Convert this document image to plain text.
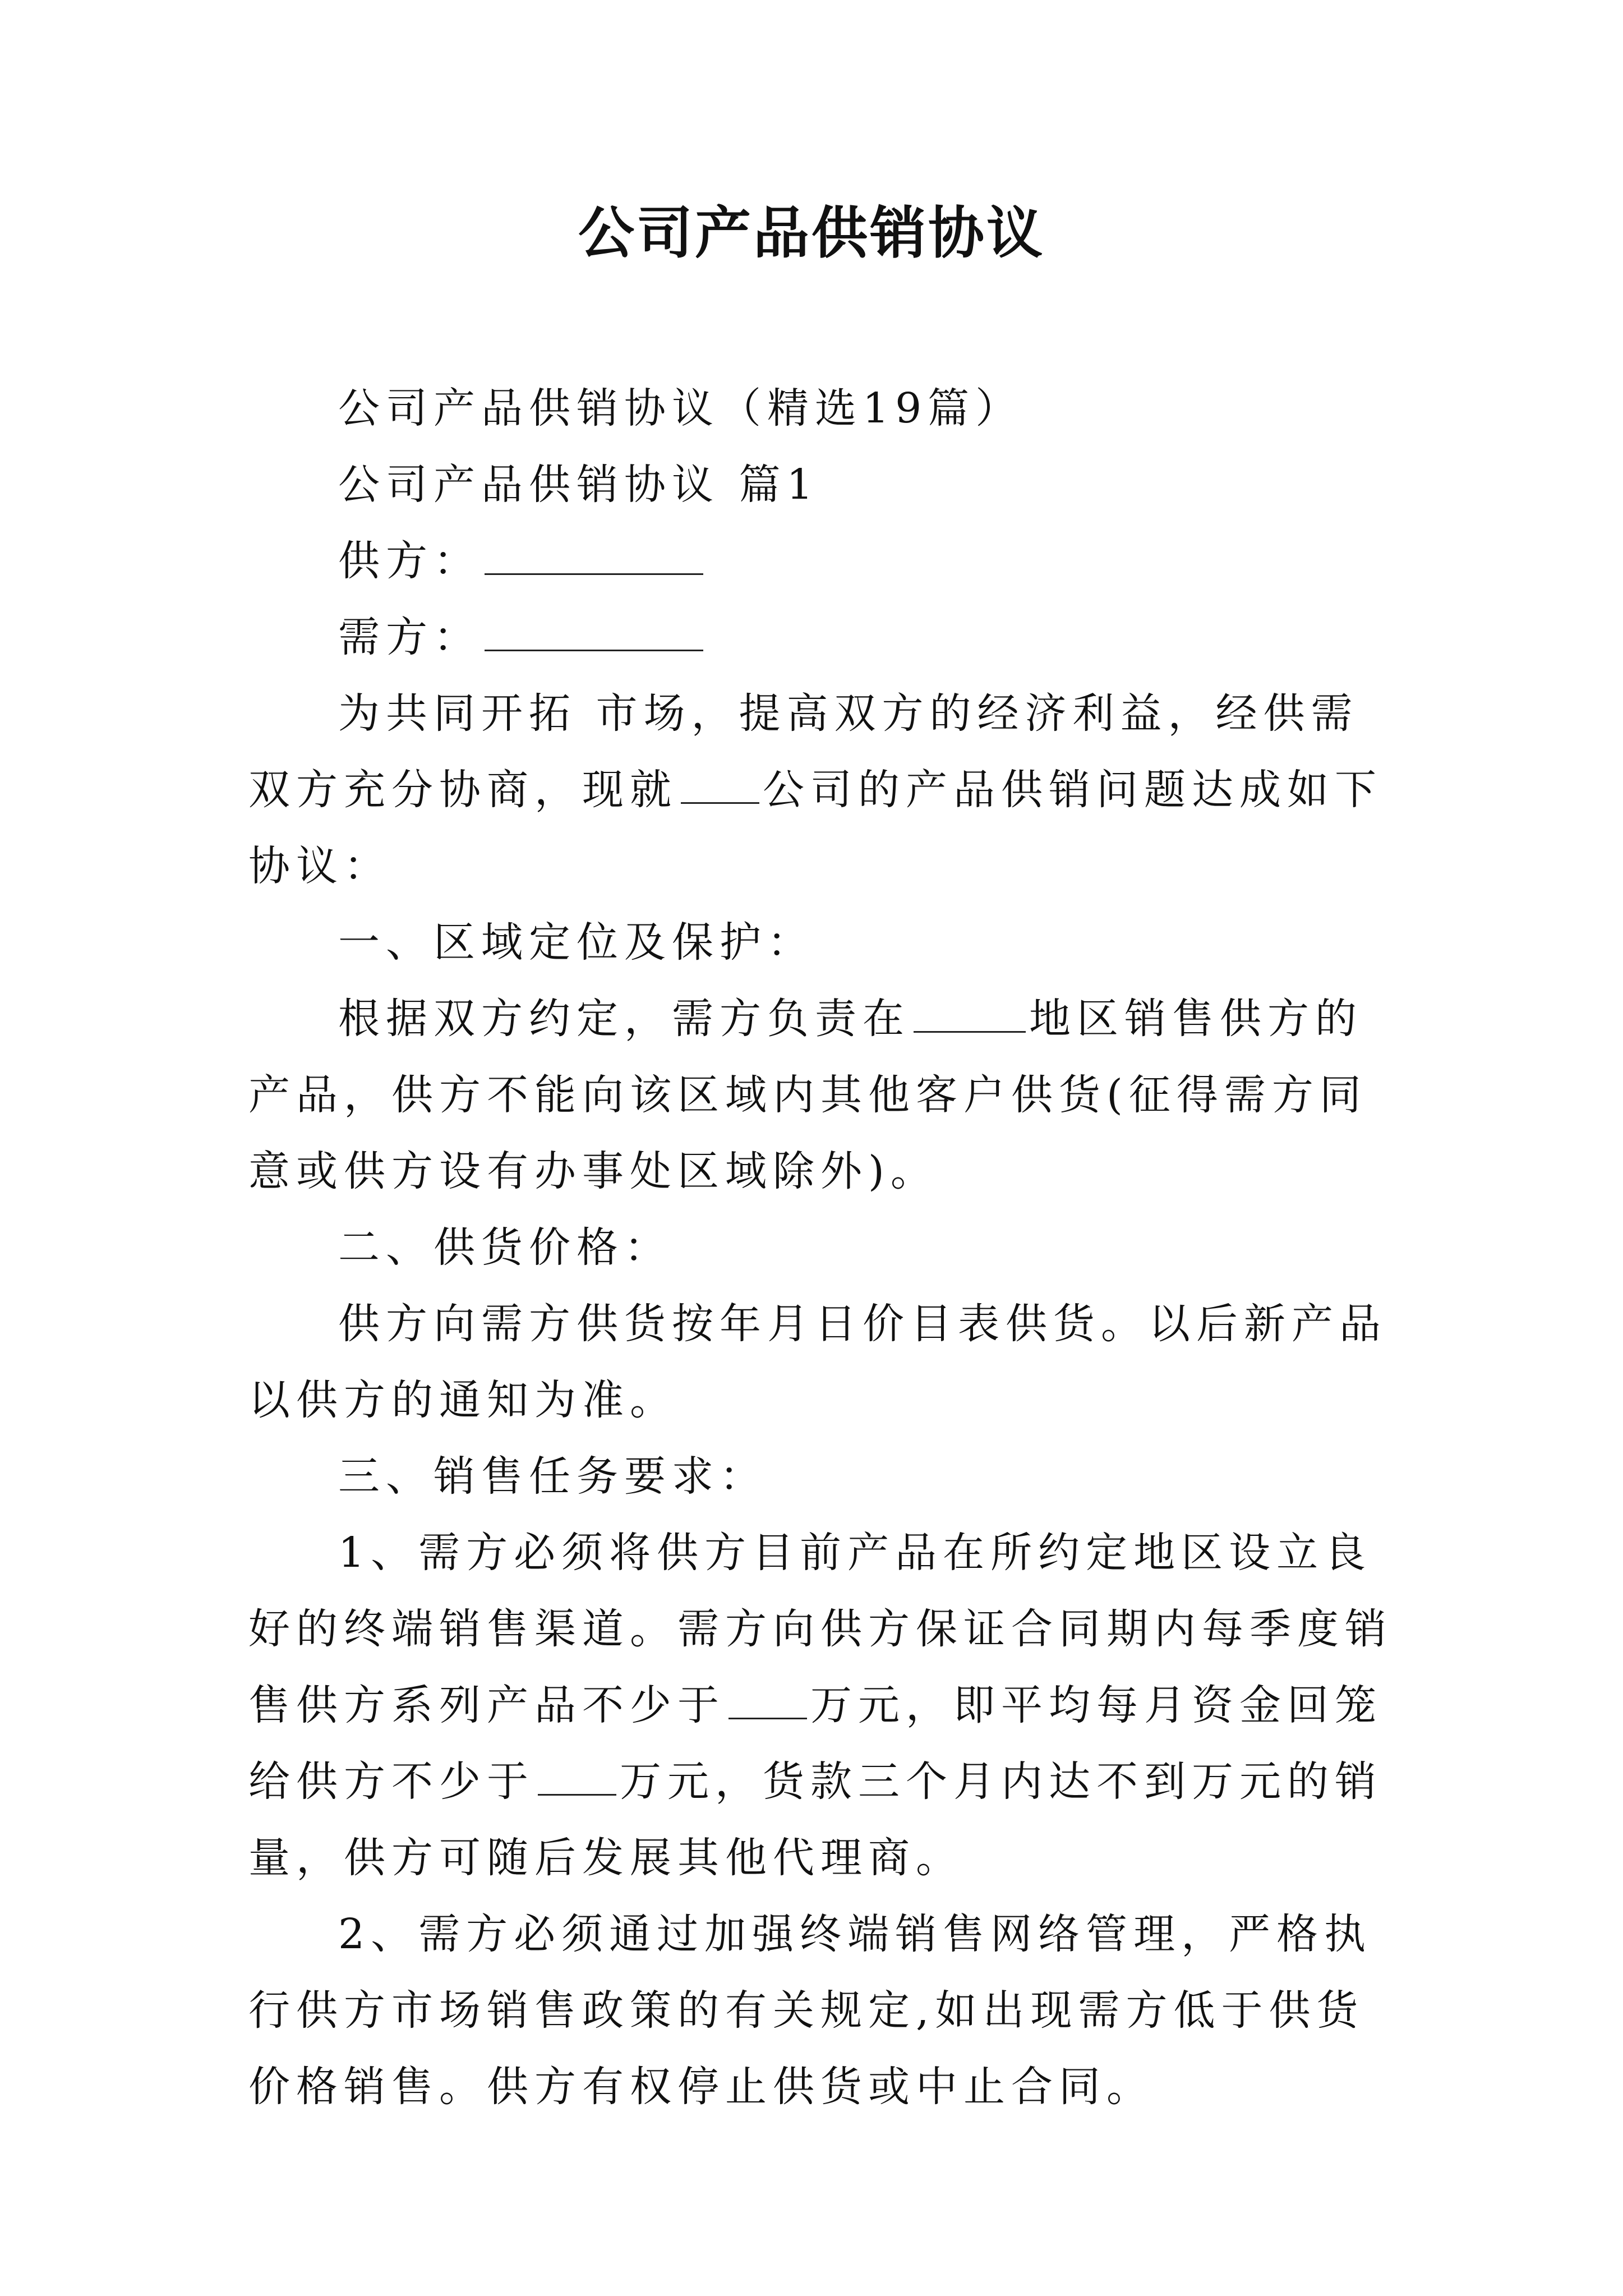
公司产品供销协议

公司产品供销协议（精选19篇）

公司产品供销协议 篇1

供方：

需方：

为共同开拓 市场，提高双方的经济利益，经供需双方充分协商，现就 公司的产品供销问题达成如下协议：

一、区域定位及保护：

根据双方约定，需方负责在	地区销售供方的产品，供方不能向该区域内其他客户供货(征得需方同意或供方设有办事处区域除外)。

二、供货价格：

供方向需方供货按年月日价目表供货。以后新产品以供方的通知为准。

三、销售任务要求：

1、需方必须将供方目前产品在所约定地区设立良好的终端销售渠道。需方向供方保证合同期内每季度销售供方系列产品不少于 万元，即平均每月资金回笼给供方不少于 万元，货款三个月内达不到万元的销量，供方可随后发展其他代理商。

2、需方必须通过加强终端销售网络管理，严格执行供方市场销售政策的有关规定,如出现需方低于供货价格销售。供方有权停止供货或中止合同。
